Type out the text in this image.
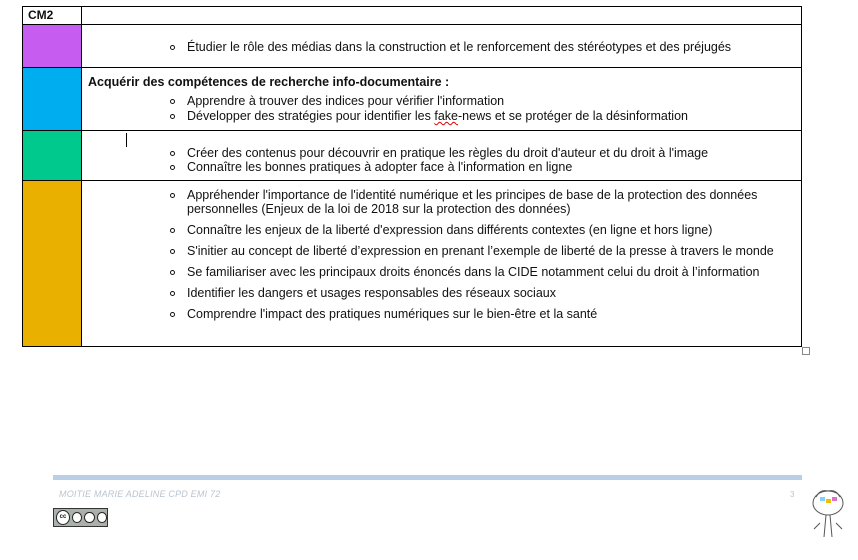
CM2
Étudier le rôle des médias dans la construction et le renforcement des stéréotypes et des préjugés
Acquérir des compétences de recherche info-documentaire :
Apprendre à trouver des indices pour vérifier l'information
Développer des stratégies pour identifier les fake-news et se protéger de la désinformation
Créer des contenus pour découvrir en pratique les règles du droit d'auteur et du droit à l'image
Connaître les bonnes pratiques à adopter face à l'information en ligne
Appréhender l'importance de l'identité numérique et les principes de base de la protection des données personnelles (Enjeux de la loi de 2018 sur la protection des données)
Connaître les enjeux de la liberté d'expression dans différents contextes (en ligne et hors ligne)
S'initier au concept de liberté d’expression en prenant l’exemple de liberté de la presse à travers le monde
Se familiariser avec les principaux droits énoncés dans la CIDE notamment celui du droit à l’information
Identifier les dangers et usages responsables des réseaux sociaux
Comprendre l'impact des pratiques numériques sur le bien-être et la santé
MOITIE MARIE ADELINE CPD EMI 72	3
cc
